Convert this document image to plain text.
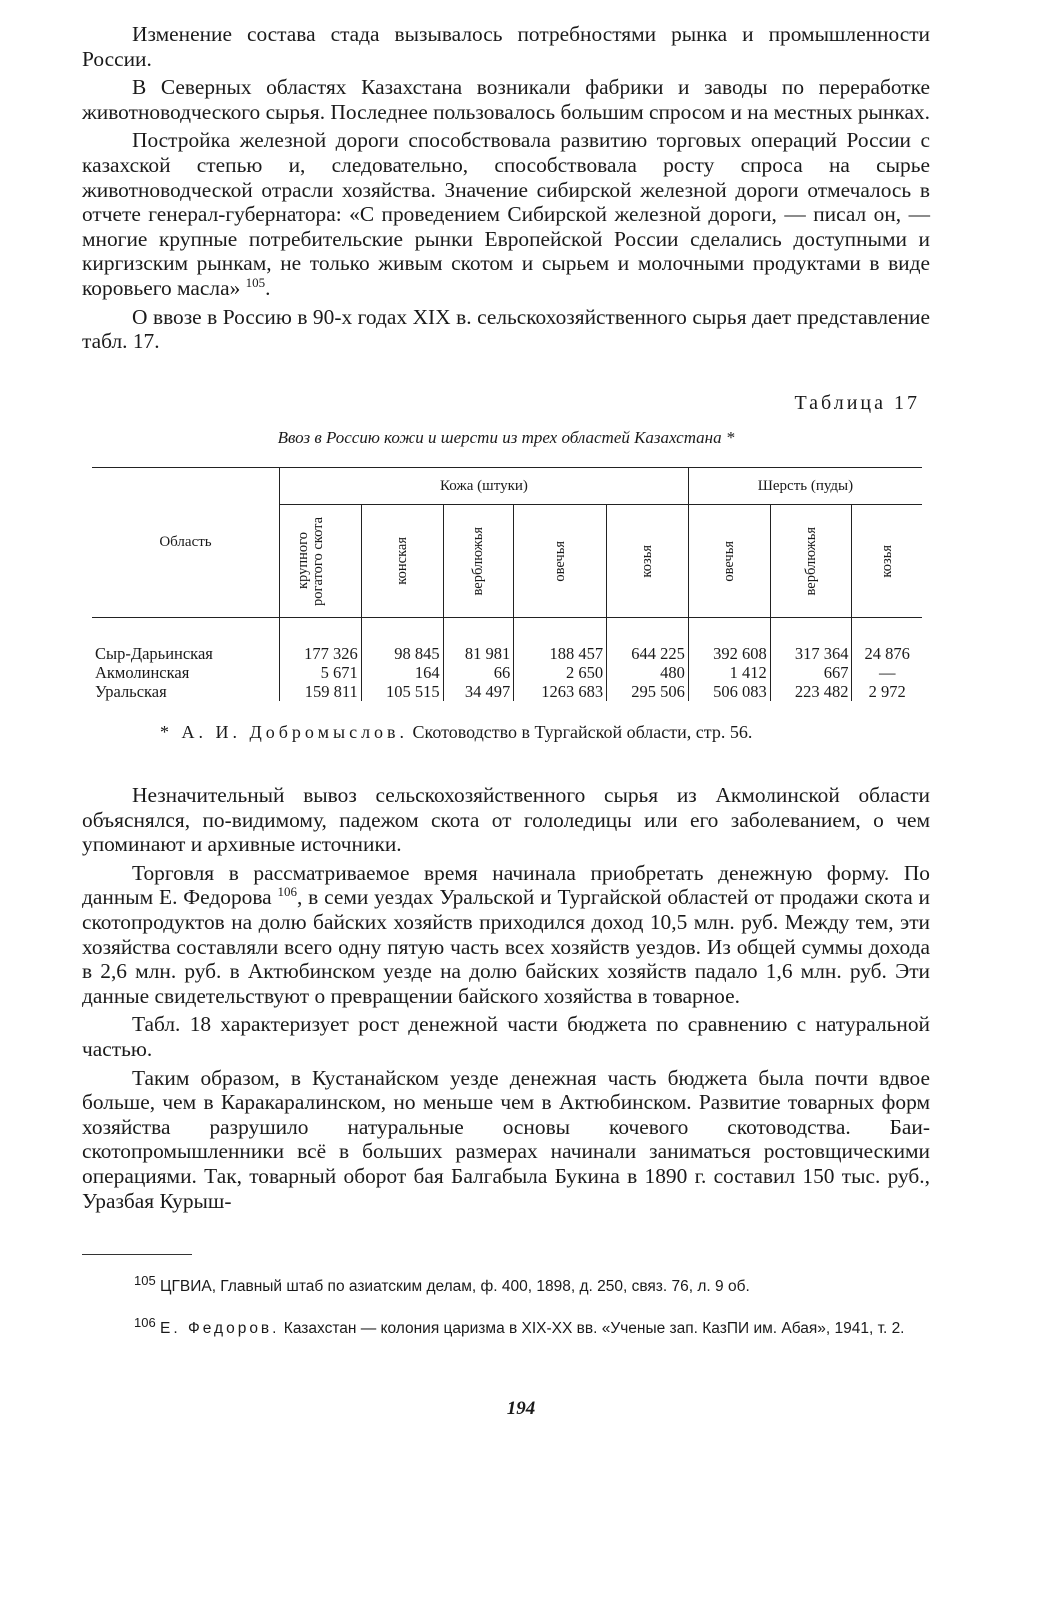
Изменение состава стада вызывалось потребностями рынка и промышленности России.

В Северных областях Казахстана возникали фабрики и заводы по переработке животноводческого сырья. Последнее пользовалось большим спросом и на местных рынках.

Постройка железной дороги способствовала развитию торговых операций России с казахской степью и, следовательно, способствовала росту спроса на сырье животноводческой отрасли хозяйства. Значение сибирской железной дороги отмечалось в отчете генерал-губернатора: «С проведением Сибирской железной дороги, — писал он, — многие крупные потребительские рынки Европейской России сделались доступными и киргизским рынкам, не только живым скотом и сырьем и молочными продуктами в виде коровьего масла» $^{105}$.

О ввозе в Россию в 90-х годах XIX в. сельскохозяйственного сырья дает представление табл. 17.

Таблица 17
Ввоз в Россию кожи и шерсти из трех областей Казахстана *
Область	Кожа (штуки)					Шерсть (пуды)		

	крупного рогатого скота	конская	верблюжья	овечья	козья	овечья	верблюжья	козья

Сыр-Дарьинская	177 326	98 845	81 981	188 457	644 225	392 608	317 364	24 876
Акмолинская	5 671	164	66	2 650	480	1 412	667	—
Уральская	159 811	105 515	34 497	1263 683	295 506	506 083	223 482	2 972
* А. И. Добромыслов. Скотоводство в Тургайской области, стр. 56.

Незначительный вывоз сельскохозяйственного сырья из Акмолинской области объяснялся, по-видимому, падежом скота от гололедицы или его заболеванием, о чем упоминают и архивные источники.

Торговля в рассматриваемое время начинала приобретать денежную форму. По данным Е. Федорова $^{106}$, в семи уездах Уральской и Тургайской областей от продажи скота и скотопродуктов на долю байских хозяйств приходился доход 10,5 млн. руб. Между тем, эти хозяйства составляли всего одну пятую часть всех хозяйств уездов. Из общей суммы дохода в 2,6 млн. руб. в Актюбинском уезде на долю байских хозяйств падало 1,6 млн. руб. Эти данные свидетельствуют о превращении байского хозяйства в товарное.

Табл. 18 характеризует рост денежной части бюджета по сравнению с натуральной частью.

Таким образом, в Кустанайском уезде денежная часть бюджета была почти вдвое больше, чем в Каракаралинском, но меньше чем в Актюбинском. Развитие товарных форм хозяйства разрушило натуральные основы кочевого скотоводства. Баи-скотопромышленники всё в больших размерах начинали заниматься ростовщическими операциями. Так, товарный оборот бая Балгабыла Букина в 1890 г. составил 150 тыс. руб., Уразбая Курыш-

$^{105}$ ЦГВИА, Главный штаб по азиатским делам, ф. 400, 1898, д. 250, связ. 76, л. 9 об.
$^{106}$ Е. Федоров. Казахстан — колония царизма в XIX-XX вв. «Ученые зап. КазПИ им. Абая», 1941, т. 2.
194
